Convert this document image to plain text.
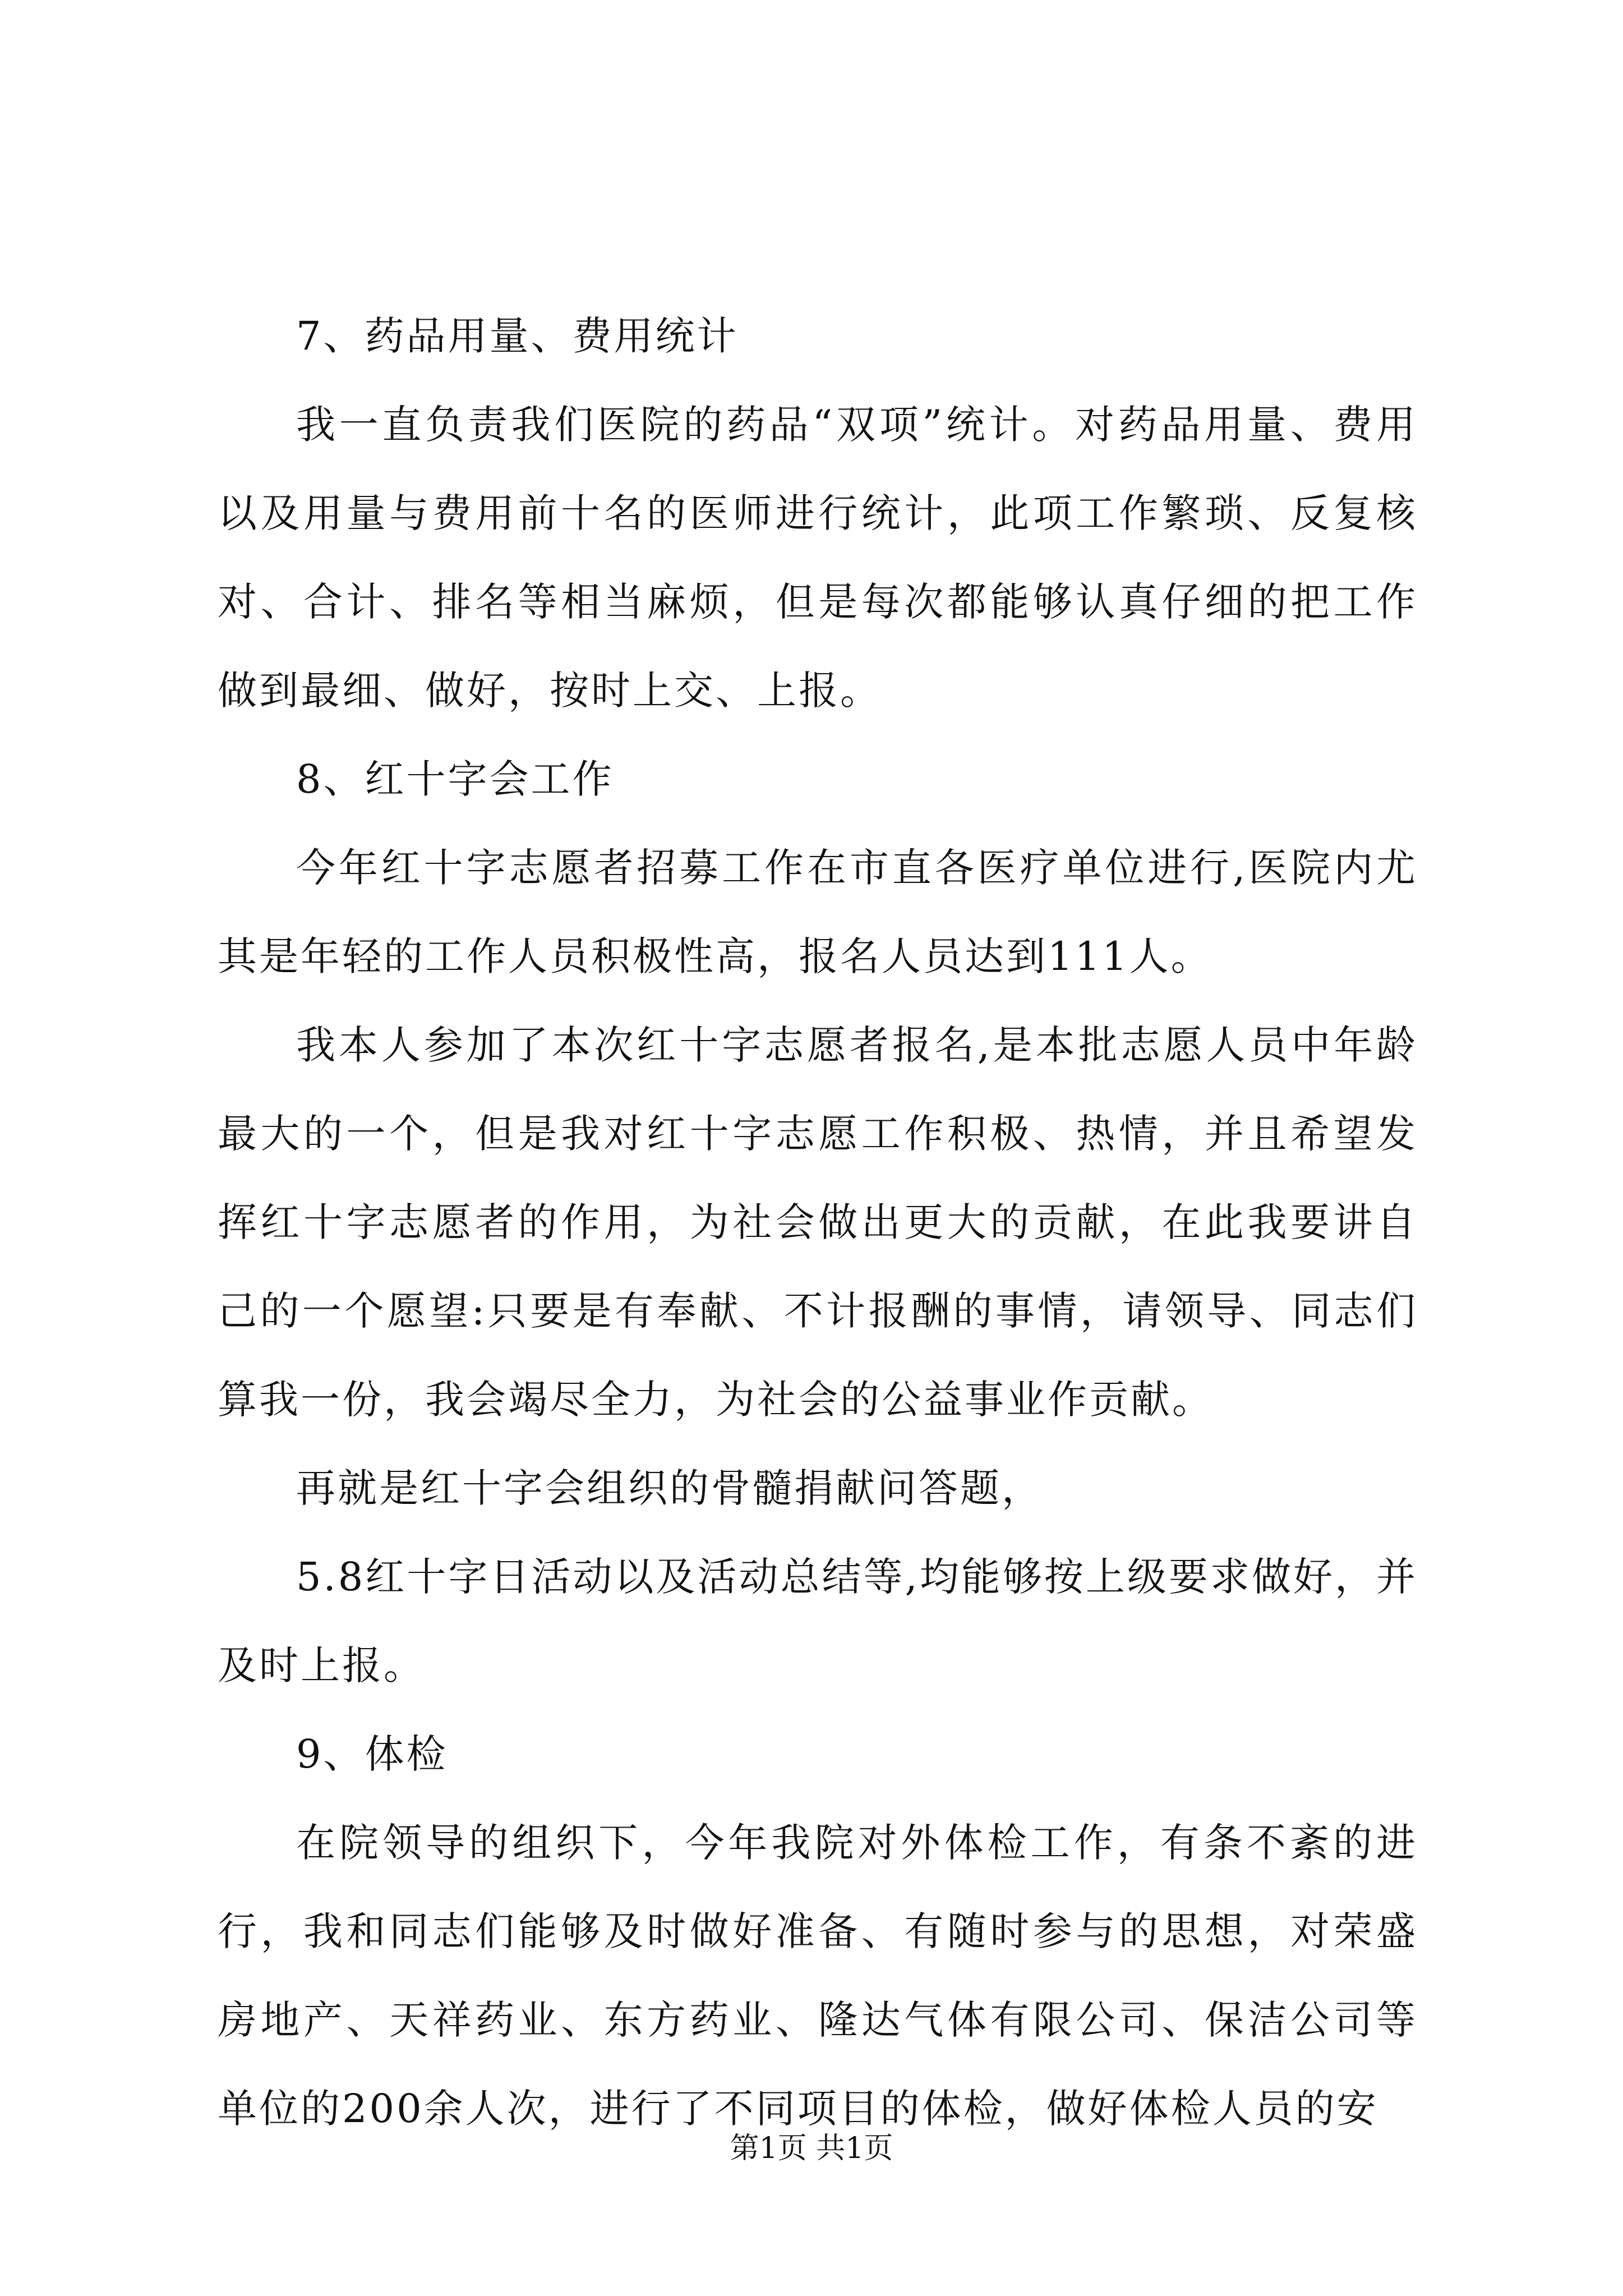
7、药品用量、费用统计

我一直负责我们医院的药品“双项”统计。对药品用量、费用以及用量与费用前十名的医师进行统计，此项工作繁琐、反复核对、合计、排名等相当麻烦，但是每次都能够认真仔细的把工作做到最细、做好，按时上交、上报。

8、红十字会工作

今年红十字志愿者招募工作在市直各医疗单位进行,医院内尤其是年轻的工作人员积极性高，报名人员达到111人。

我本人参加了本次红十字志愿者报名,是本批志愿人员中年龄最大的一个，但是我对红十字志愿工作积极、热情，并且希望发挥红十字志愿者的作用，为社会做出更大的贡献，在此我要讲自己的一个愿望:只要是有奉献、不计报酬的事情，请领导、同志们算我一份，我会竭尽全力，为社会的公益事业作贡献。

再就是红十字会组织的骨髓捐献问答题，

5.8红十字日活动以及活动总结等,均能够按上级要求做好，并及时上报。

9、体检

在院领导的组织下，今年我院对外体检工作，有条不紊的进行，我和同志们能够及时做好准备、有随时参与的思想，对荣盛房地产、天祥药业、东方药业、隆达气体有限公司、保洁公司等单位的200余人次，进行了不同项目的体检，做好体检人员的安

第1页 共1页
